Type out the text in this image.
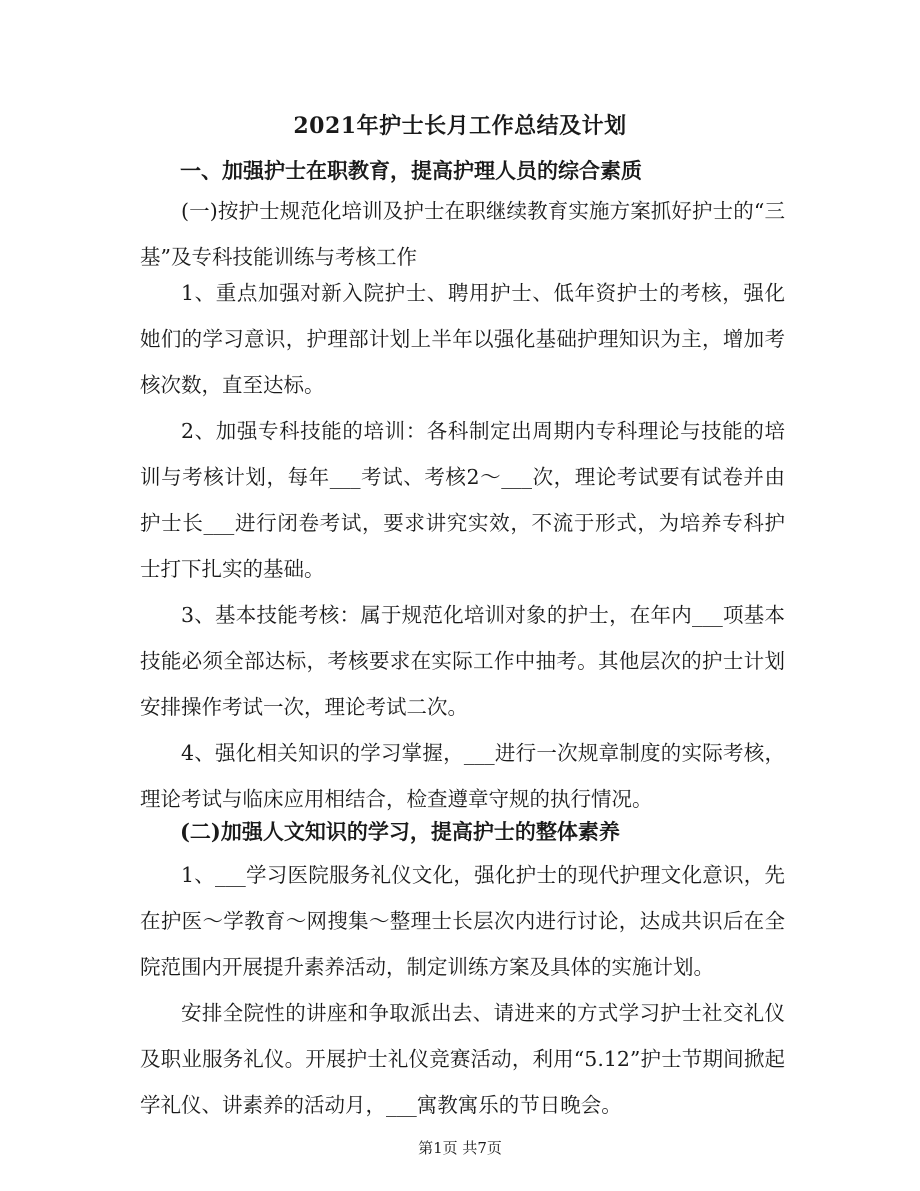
2021年护士长月工作总结及计划
一、加强护士在职教育，提高护理人员的综合素质
(一)按护士规范化培训及护士在职继续教育实施方案抓好护士的“三基”及专科技能训练与考核工作
1、重点加强对新入院护士、聘用护士、低年资护士的考核，强化她们的学习意识，护理部计划上半年以强化基础护理知识为主，增加考核次数，直至达标。
2、加强专科技能的培训：各科制定出周期内专科理论与技能的培训与考核计划，每年___考试、考核2～___次，理论考试要有试卷并由护士长___进行闭卷考试，要求讲究实效，不流于形式，为培养专科护士打下扎实的基础。
3、基本技能考核：属于规范化培训对象的护士，在年内___项基本技能必须全部达标，考核要求在实际工作中抽考。其他层次的护士计划安排操作考试一次，理论考试二次。
4、强化相关知识的学习掌握，___进行一次规章制度的实际考核，理论考试与临床应用相结合，检查遵章守规的执行情况。
(二)加强人文知识的学习，提高护士的整体素养
1、___学习医院服务礼仪文化，强化护士的现代护理文化意识，先在护医～学教育～网搜集～整理士长层次内进行讨论，达成共识后在全院范围内开展提升素养活动，制定训练方案及具体的实施计划。
安排全院性的讲座和争取派出去、请进来的方式学习护士社交礼仪及职业服务礼仪。开展护士礼仪竞赛活动，利用“5.12”护士节期间掀起学礼仪、讲素养的活动月，___寓教寓乐的节日晚会。
第1页 共7页
